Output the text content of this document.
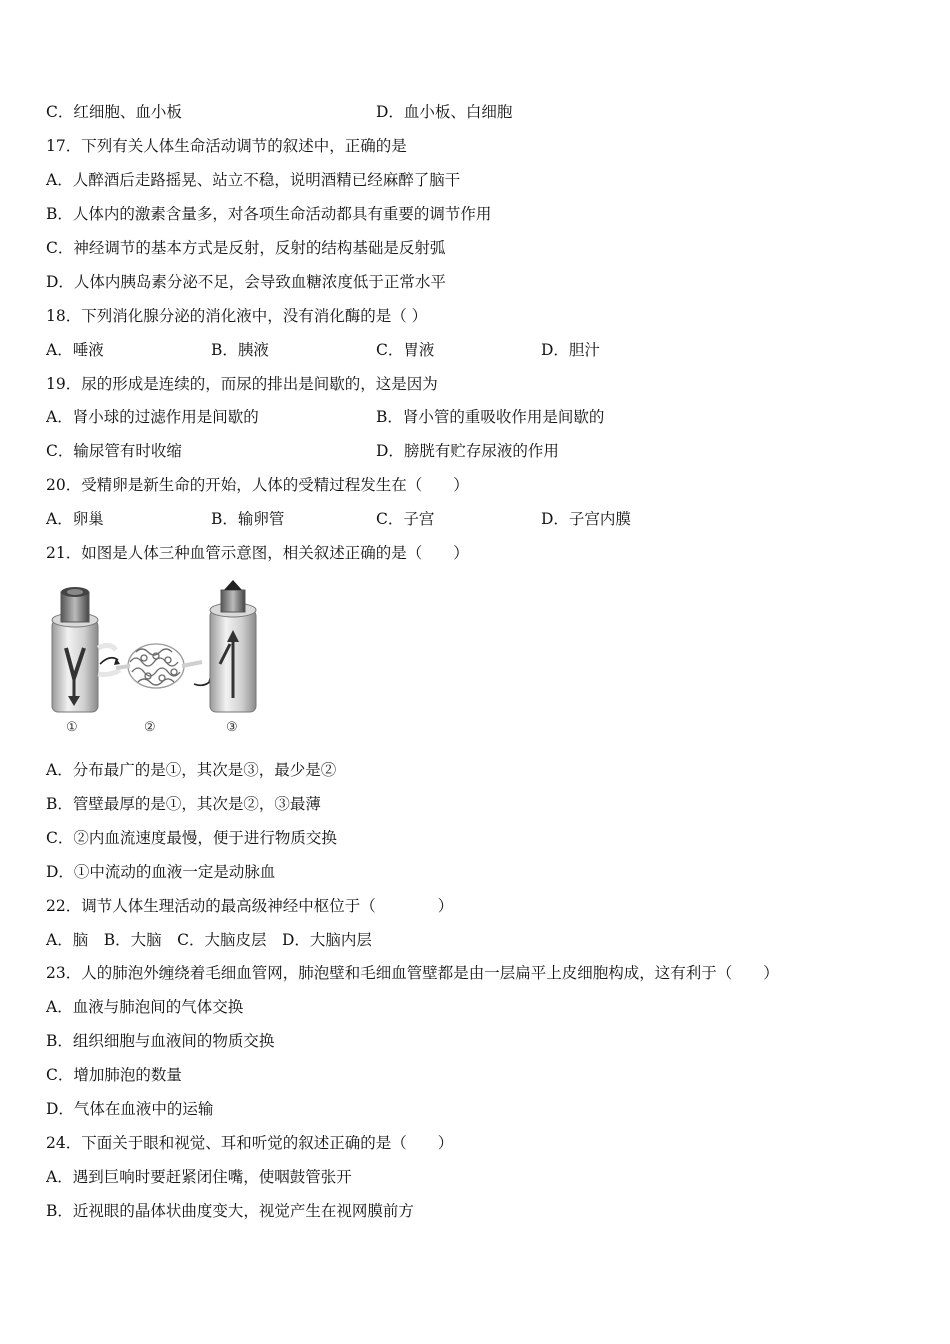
C．红细胞、血小板	D．血小板、白细胞
17．下列有关人体生命活动调节的叙述中，正确的是
A．人醉酒后走路摇晃、站立不稳，说明酒精已经麻醉了脑干
B．人体内的激素含量多，对各项生命活动都具有重要的调节作用
C．神经调节的基本方式是反射，反射的结构基础是反射弧
D．人体内胰岛素分泌不足，会导致血糖浓度低于正常水平
18．下列消化腺分泌的消化液中，没有消化酶的是（ ）
A．唾液	B．胰液	C．胃液	D．胆汁
19．尿的形成是连续的，而尿的排出是间歇的，这是因为
A．肾小球的过滤作用是间歇的	B．肾小管的重吸收作用是间歇的
C．输尿管有时收缩	D．膀胱有贮存尿液的作用
20．受精卵是新生命的开始，人体的受精过程发生在（　　）
A．卵巢	B．输卵管	C．子宫	D．子宫内膜
21．如图是人体三种血管示意图，相关叙述正确的是（　　）
①	②	③
A．分布最广的是①，其次是③，最少是②
B．管壁最厚的是①，其次是②，③最薄
C．②内血流速度最慢，便于进行物质交换
D．①中流动的血液一定是动脉血
22．调节人体生理活动的最高级神经中枢位于（　　　　）
A．脑　B．大脑　C．大脑皮层　D．大脑内层
23．人的肺泡外缠绕着毛细血管网，肺泡壁和毛细血管壁都是由一层扁平上皮细胞构成，这有利于（　　）
A．血液与肺泡间的气体交换
B．组织细胞与血液间的物质交换
C．增加肺泡的数量
D．气体在血液中的运输
24．下面关于眼和视觉、耳和听觉的叙述正确的是（　　）
A．遇到巨响时要赶紧闭住嘴，使咽鼓管张开
B．近视眼的晶体状曲度变大，视觉产生在视网膜前方
